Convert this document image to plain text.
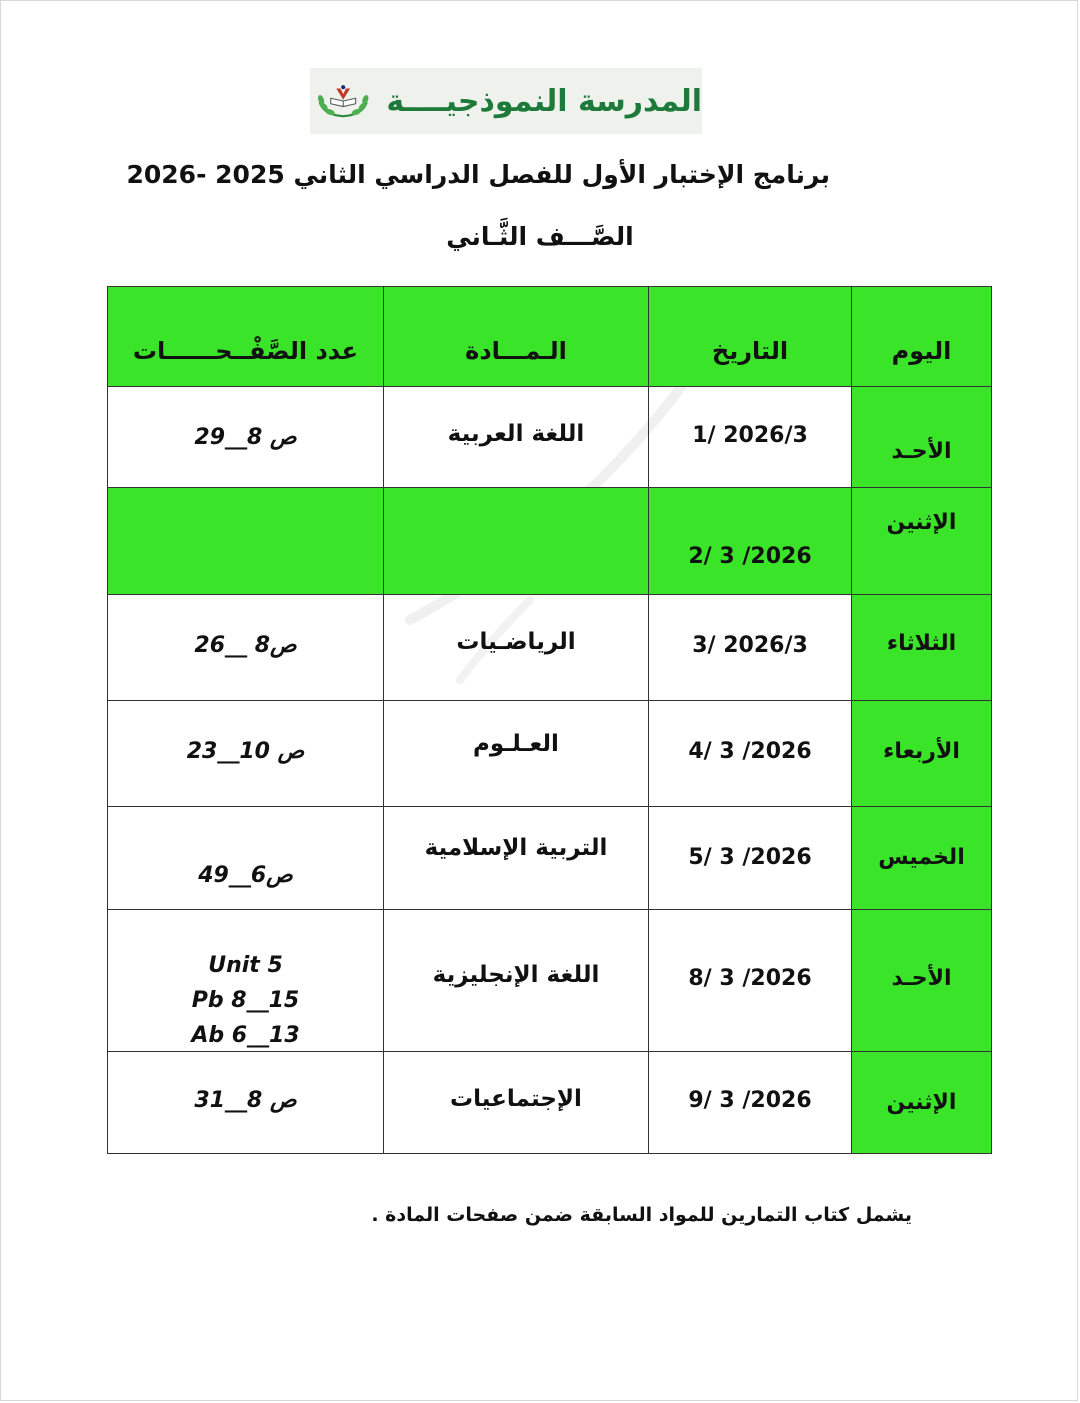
المدرسة النموذجيــــة
برنامج الإختبار الأول للفصل الدراسي الثاني 2025 -2026
الصَّـــف الثَّـاني
اليوم	التاريخ	الـمـــادة	عدد الصَّفْــحــــــات

الأحـد	2026/3 /1	اللغة العربية	ص 8__29

الإثنين	2026/ 3 /2		

الثلاثاء	2026/3 /3	الرياضـيات	ص8 __26

الأربعاء	2026/ 3 /4	العـلـوم	ص 10__23

الخميس	2026/ 3 /5	التربية الإسلامية	ص6__49

الأحـد	2026/ 3 /8	اللغة الإنجليزية	Unit 5
Pb 8__15
Ab 6__13

الإثنين	2026/ 3 /9	الإجتماعيات	ص 8__31
يشمل كتاب التمارين للمواد السابقة ضمن صفحات المادة .
